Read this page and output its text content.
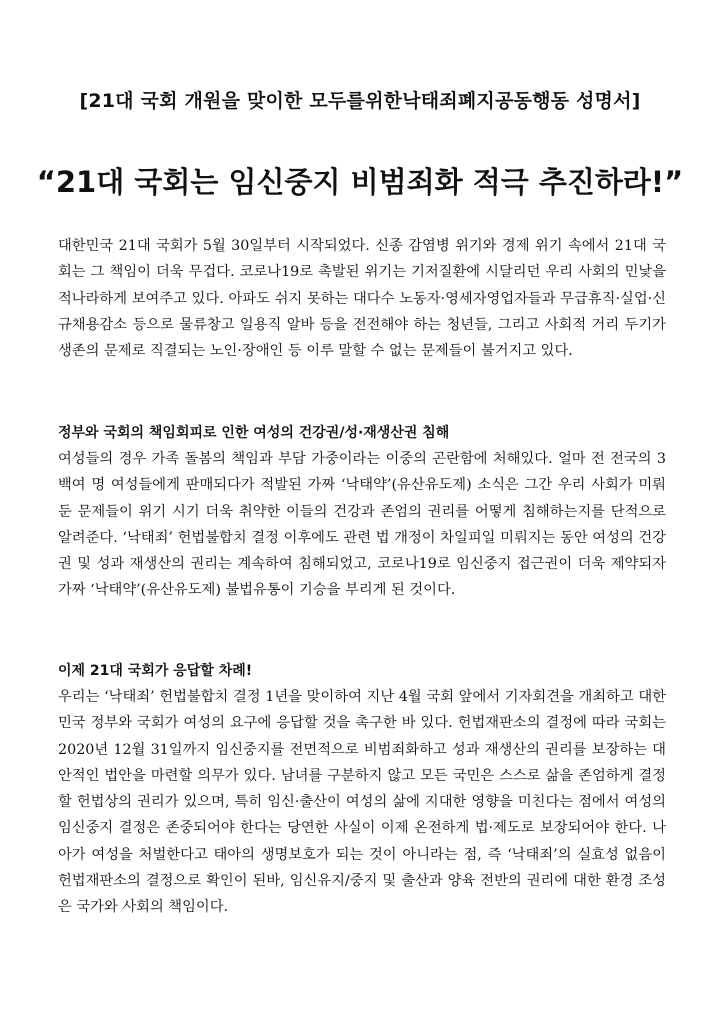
[21대 국회 개원을 맞이한 모두를위한낙태죄폐지공동행동 성명서]
“21대 국회는 임신중지 비범죄화 적극 추진하라!”
대한민국 21대 국회가 5월 30일부터 시작되었다. 신종 감염병 위기와 경제 위기 속에서 21대 국회는 그 책임이 더욱 무겁다. 코로나19로 촉발된 위기는 기저질환에 시달리던 우리 사회의 민낯을 적나라하게 보여주고 있다. 아파도 쉬지 못하는 대다수 노동자·영세자영업자들과 무급휴직·실업·신규채용감소 등으로 물류창고 일용직 알바 등을 전전해야 하는 청년들, 그리고 사회적 거리 두기가 생존의 문제로 직결되는 노인·장애인 등 이루 말할 수 없는 문제들이 불거지고 있다.
정부와 국회의 책임회피로 인한 여성의 건강권/성·재생산권 침해
여성들의 경우 가족 돌봄의 책임과 부담 가중이라는 이중의 곤란함에 처해있다. 얼마 전 전국의 3백여 명 여성들에게 판매되다가 적발된 가짜 ‘낙태약’(유산유도제) 소식은 그간 우리 사회가 미뤄둔 문제들이 위기 시기 더욱 취약한 이들의 건강과 존엄의 권리를 어떻게 침해하는지를 단적으로 알려준다. ‘낙태죄’ 헌법불합치 결정 이후에도 관련 법 개정이 차일피일 미뤄지는 동안 여성의 건강권 및 성과 재생산의 권리는 계속하여 침해되었고, 코로나19로 임신중지 접근권이 더욱 제약되자 가짜 ‘낙태약’(유산유도제) 불법유통이 기승을 부리게 된 것이다.
이제 21대 국회가 응답할 차례!
우리는 ‘낙태죄’ 헌법불합치 결정 1년을 맞이하여 지난 4월 국회 앞에서 기자회견을 개최하고 대한민국 정부와 국회가 여성의 요구에 응답할 것을 촉구한 바 있다. 헌법재판소의 결정에 따라 국회는 2020년 12월 31일까지 임신중지를 전면적으로 비범죄화하고 성과 재생산의 권리를 보장하는 대안적인 법안을 마련할 의무가 있다. 남녀를 구분하지 않고 모든 국민은 스스로 삶을 존엄하게 결정할 헌법상의 권리가 있으며, 특히 임신·출산이 여성의 삶에 지대한 영향을 미친다는 점에서 여성의 임신중지 결정은 존중되어야 한다는 당연한 사실이 이제 온전하게 법·제도로 보장되어야 한다. 나아가 여성을 처벌한다고 태아의 생명보호가 되는 것이 아니라는 점, 즉 ‘낙태죄’의 실효성 없음이 헌법재판소의 결정으로 확인이 된바, 임신유지/중지 및 출산과 양육 전반의 권리에 대한 환경 조성은 국가와 사회의 책임이다.
